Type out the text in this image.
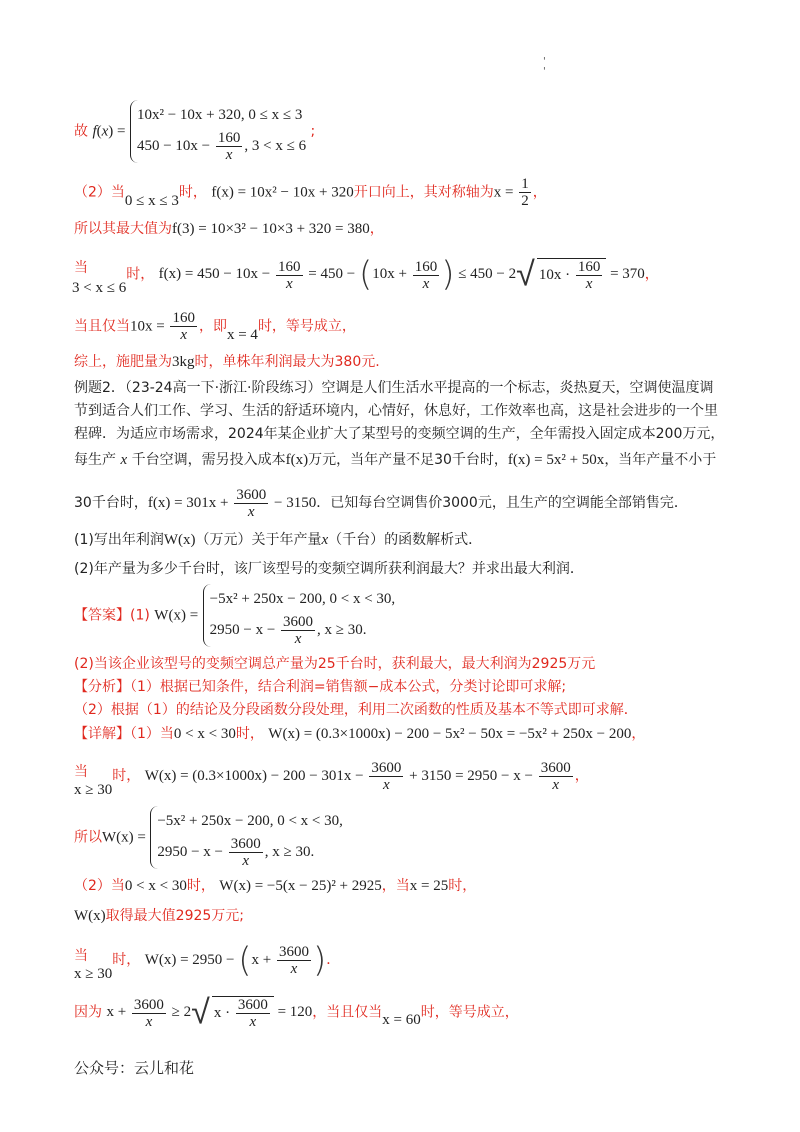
'
'
故 f(x) =
10x² − 10x + 320, 0 ≤ x ≤ 3
$450 - 10x - \frac{160}{x}$ , 3 < x ≤ 6
;
（2）当0 ≤ x ≤ 3时， f(x) = 10x² − 10x + 320开口向上，其对称轴为$x = \frac{1}{2}$ ，
所以其最大值为f(3) = 10×3² − 10×3 + 320 = 380，
当3 < x ≤ 6时， $f(x) = 450 - 10x - \frac{160}{x} = 450 - (10x + \frac{160}{x}$ ) ≤ 450 − 2√ $10x \cdot \frac{160}{x} = 370$，
当且仅当$10x = \frac{160}{x}$ ，即x = 4时，等号成立，
综上，施肥量为3kg时，单株年利润最大为380元.
例题2．（23-24高一下·浙江·阶段练习）空调是人们生活水平提高的一个标志，炎热夏天，空调使温度调
节到适合人们工作、学习、生活的舒适环境内，心情好，休息好，工作效率也高，这是社会进步的一个里
程碑．为适应市场需求，2024年某企业扩大了某型号的变频空调的生产，全年需投入固定成本200万元，
每生产 x 千台空调，需另投入成本f(x)万元，当年产量不足30千台时，f(x) = 5x² + 50x，当年产量不小于
30千台时，$f(x) = 301x + \frac{3600}{x} - 3150$．已知每台空调售价3000元，且生产的空调能全部销售完．
(1)写出年利润W(x)（万元）关于年产量x（千台）的函数解析式．
(2)年产量为多少千台时，该厂该型号的变频空调所获利润最大？并求出最大利润．
【答案】(1) W(x) =
−5x² + 250x − 200, 0 < x < 30,
$2950 - x - \frac{3600}{x}$ , x ≥ 30.
(2)当该企业该型号的变频空调总产量为25千台时，获利最大，最大利润为2925万元
【分析】（1）根据已知条件，结合利润=销售额−成本公式，分类讨论即可求解;
（2）根据（1）的结论及分段函数分段处理，利用二次函数的性质及基本不等式即可求解．
【详解】（1）当0 < x < 30时， W(x) = (0.3×1000x) − 200 − 5x² − 50x = −5x² + 250x − 200，
当x ≥ 30时， $W(x) = (0.3\times 1000x) - 200 - 301x - \frac{3600}{x} + 3150 = 2950 - x - \frac{3600}{x}$ ，
所以W(x) =
−5x² + 250x − 200, 0 < x < 30,
$2950 - x - \frac{3600}{x}$ , x ≥ 30.
（2）当0 < x < 30时， W(x) = −5(x − 25)² + 2925，当x = 25时，
W(x)取得最大值2925万元;
当x ≥ 30时， $W(x) = 2950 - (x + \frac{3600}{x}$ )．
因为 $x + \frac{3600}{x} \ge 2√$ $x \cdot \frac{3600}{x} = 120$，当且仅当x = 60时，等号成立，
公众号：云儿和花
